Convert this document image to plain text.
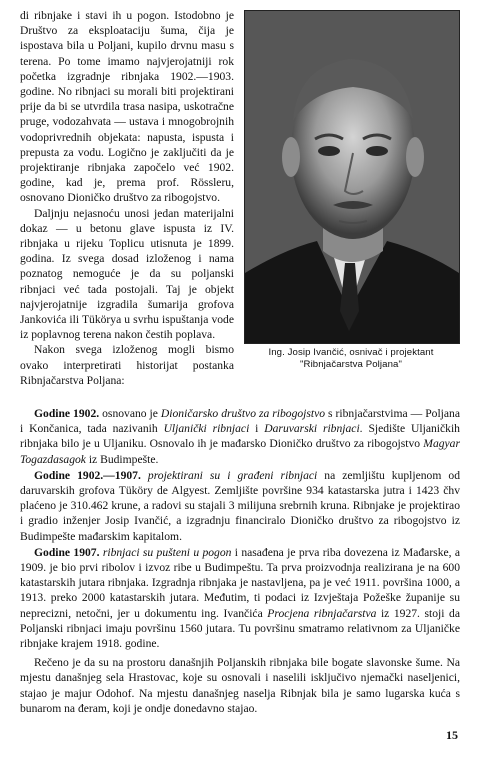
di ribnjake i stavi ih u pogon. Istodobno je Društvo za eksploataciju šuma, čija je ispostava bila u Poljani, kupilo drvnu masu s terena. Po tome imamo najvjerojatniji rok početka izgradnje ribnjaka 1902.—1903. godine. No ribnjaci su morali biti projektirani prije da bi se utvrdila trasa nasipa, uskotračne pruge, vodozahvata — ustava i mnogobrojnih vodoprivrednih objekata: napusta, ispusta i prepusta za vodu. Logično je zaključiti da je projektiranje ribnjaka započelo već 1902. godine, kad je, prema prof. Rössleru, osnovano Dioničko društvo za ribogojstvo.

Daljnju nejasnoću unosi jedan materijalni dokaz — u betonu glave ispusta iz IV. ribnjaka u rijeku Toplicu utisnuta je 1899. godina. Iz svega dosad izloženog i nama poznatog nemoguće je da su poljanski ribnjaci već tada postojali. Taj je objekt najvjerojatnije izgradila šumarija grofova Jankovića ili Tükörya u svrhu ispuštanja vode iz poplavnog terena nakon čestih poplava.

Nakon svega izloženog mogli bismo ovako interpretirati historijat postanka Ribnjačarstva Poljana:

Ing. Josip Ivančić, osnivač i projektant
"Ribnjačarstva Poljana"

Godine 1902. osnovano je Dioničarsko društvo za ribogojstvo s ribnjačarstvima — Poljana i Končanica, tada nazivanih Uljanički ribnjaci i Daruvarski ribnjaci. Sjedište Uljaničkih ribnjaka bilo je u Uljaniku. Osnovalo ih je mađarsko Dioničko društvo za ribogojstvo Magyar Togazdasagok iz Budimpešte.

Godine 1902.—1907. projektirani su i građeni ribnjaci na zemljištu kupljenom od daruvarskih grofova Tüköry de Algyest. Zemljište površine 934 katastarska jutra i 1423 čhv plaćeno je 310.462 krune, a radovi su stajali 3 milijuna srebrnih kruna. Ribnjake je projektirao i gradio inženjer Josip Ivančić, a izgradnju financiralo Dioničko društvo za ribogojstvo iz Budimpešte mađarskim kapitalom.

Godine 1907. ribnjaci su pušteni u pogon i nasađena je prva riba dovezena iz Mađarske, a 1909. je bio prvi ribolov i izvoz ribe u Budimpeštu. Ta prva proizvodnja realizirana je na 600 katastarskih jutara ribnjaka. Izgradnja ribnjaka je nastavljena, pa je već 1911. površina 1000, a 1913. preko 2000 katastarskih jutara. Međutim, ti podaci iz Izvještaja Požeške županije su neprecizni, netočni, jer u dokumentu ing. Ivančića Procjena ribnjačarstva iz 1927. stoji da Poljanski ribnjaci imaju površinu 1560 jutara. Tu površinu smatramo relativnom za Uljaničke ribnjake krajem 1918. godine.

Rečeno je da su na prostoru današnjih Poljanskih ribnjaka bile bogate slavonske šume. Na mjestu današnjeg sela Hrastovac, koje su osnovali i naselili isključivo njemački naseljenici, stajao je majur Odohof. Na mjestu današnjeg naselja Ribnjak bila je samo lugarska kuća s bunarom na đeram, koji je ondje donedavno stajao.

15
